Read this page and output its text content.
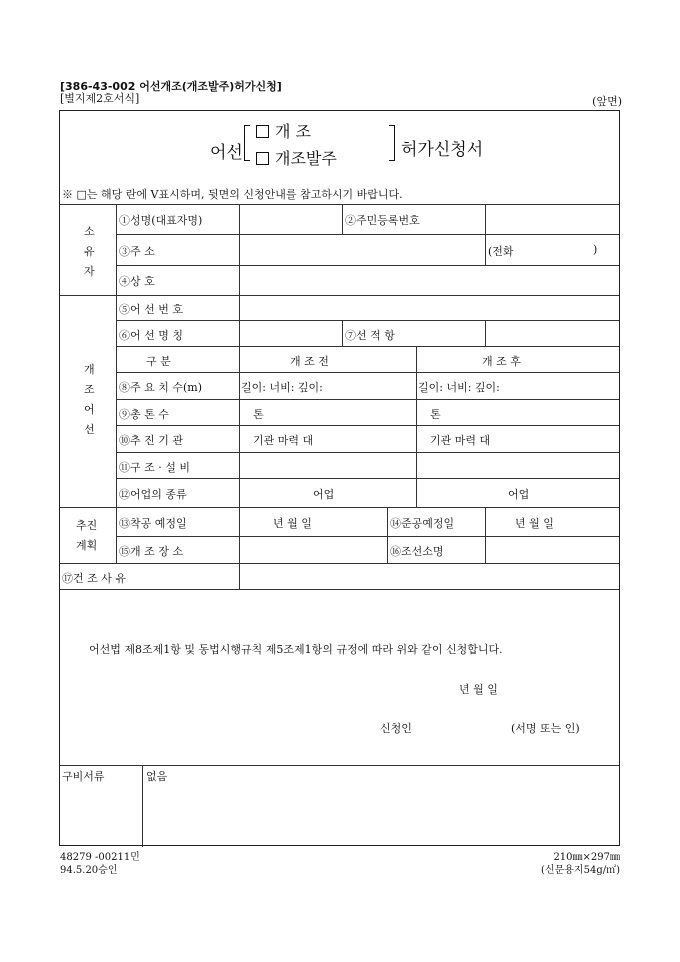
[386-43-002 어선개조(개조발주)허가신청]
[별지제2호서식]	(앞면)
어선
개 조
개조발주	허가신청서
※ □는 해당 란에 V표시하며, 뒷면의 신청안내를 참고하시기 바랍니다.
소
유
자
①성명(대표자명)	②주민등록번호
③주 소	(전화	)
④상 호
개
조
어
선
⑤어 선 번 호
⑥어 선 명 칭	⑦선 적 항
구 분	개 조 전	개 조 후
⑧주 요 치 수(m)	길이: 너비: 깊이:	길이: 너비: 깊이:
⑨총 톤 수	톤	톤
⑩추 진 기 관	기관 마력 대	기관 마력 대
⑪구 조 · 설 비
⑫어업의 종류	어업	어업
추진
계획
⑬착공 예정일	년 월 일	⑭준공예정일	년 월 일
⑮개 조 장 소	⑯조선소명
⑰건 조 사 유
어선법 제8조제1항 및 동법시행규칙 제5조제1항의 규정에 따라 위와 같이 신청합니다.
년 월 일
신청인	(서명 또는 인)
구비서류	없음
48279 -00211민
94.5.20승인
210㎜×297㎜
(신문용지54g/㎡)
